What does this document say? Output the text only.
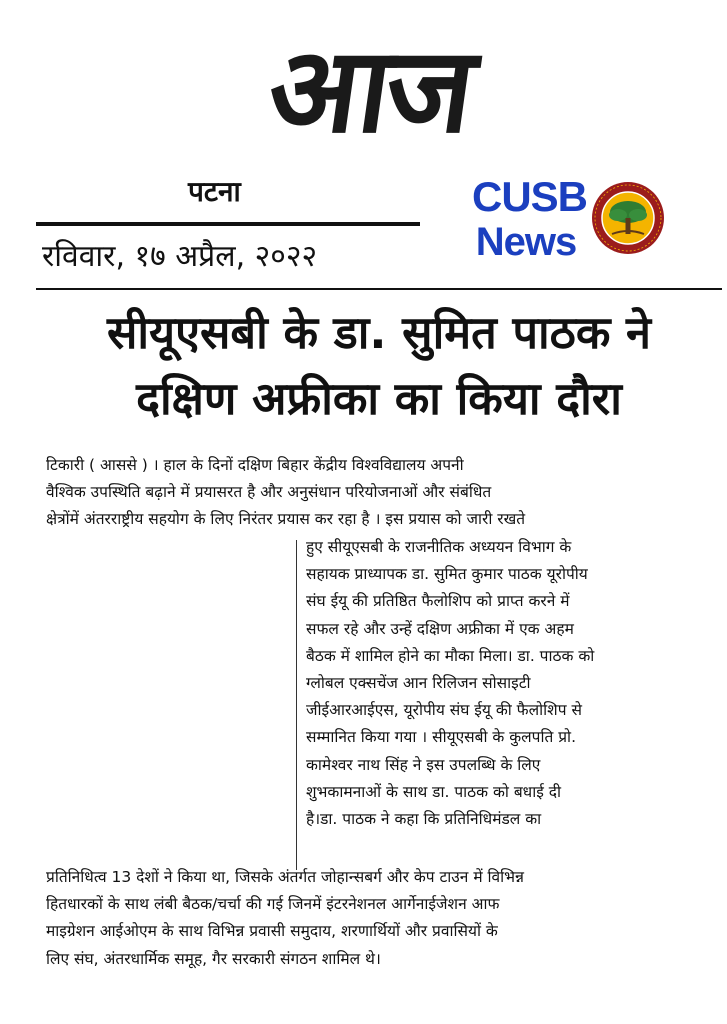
आज
पटना
रविवार, १७ अप्रैल, २०२२
CUSB
News
सीयूएसबी के डा. सुमित पाठक ने
दक्षिण अफ्रीका का किया दौरा
टिकारी ( आससे ) । हाल के दिनों दक्षिण बिहार केंद्रीय विश्वविद्यालय अपनी
वैश्विक उपस्थिति बढ़ाने में प्रयासरत है और अनुसंधान परियोजनाओं और संबंधित
क्षेत्रोंमें अंतरराष्ट्रीय सहयोग के लिए निरंतर प्रयास कर रहा है । इस प्रयास को जारी रखते
हुए सीयूएसबी के राजनीतिक अध्ययन विभाग के
सहायक प्राध्यापक डा. सुमित कुमार पाठक यूरोपीय
संघ ईयू की प्रतिष्ठित फैलोशिप को प्राप्त करने में
सफल रहे और उन्हें दक्षिण अफ्रीका में एक अहम
बैठक में शामिल होने का मौका मिला। डा. पाठक को
ग्लोबल एक्सचेंज आन रिलिजन सोसाइटी
जीईआरआईएस, यूरोपीय संघ ईयू की फैलोशिप से
सम्मानित किया गया । सीयूएसबी के कुलपति प्रो.
कामेश्वर नाथ सिंह ने इस उपलब्धि के लिए
शुभकामनाओं के साथ डा. पाठक को बधाई दी
है।डा. पाठक ने कहा कि प्रतिनिधिमंडल का
प्रतिनिधित्व 13 देशों ने किया था, जिसके अंतर्गत जोहान्सबर्ग और केप टाउन में विभिन्न
हितधारकों के साथ लंबी बैठक/चर्चा की गई जिनमें इंटरनेशनल आर्गेनाईजेशन आफ
माइग्रेशन आईओएम के साथ विभिन्न प्रवासी समुदाय, शरणार्थियों और प्रवासियों के
लिए संघ, अंतरधार्मिक समूह, गैर सरकारी संगठन शामिल थे।
